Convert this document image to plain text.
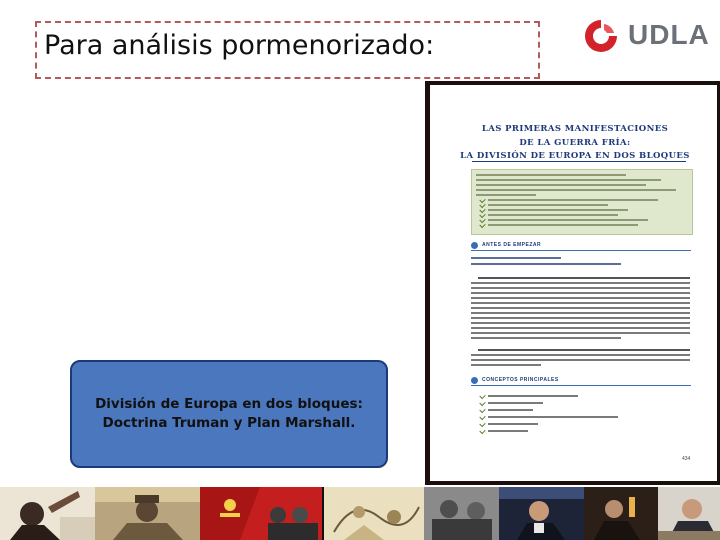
Para análisis pormenorizado:	UDLA
LAS PRIMERAS MANIFESTACIONES
DE LA GUERRA FRÍA:
LA DIVISIÓN DE EUROPA EN DOS BLOQUES
ANTES DE EMPEZAR
CONCEPTOS PRINCIPALES
434
División de Europa en dos bloques:
Doctrina Truman y Plan Marshall.
